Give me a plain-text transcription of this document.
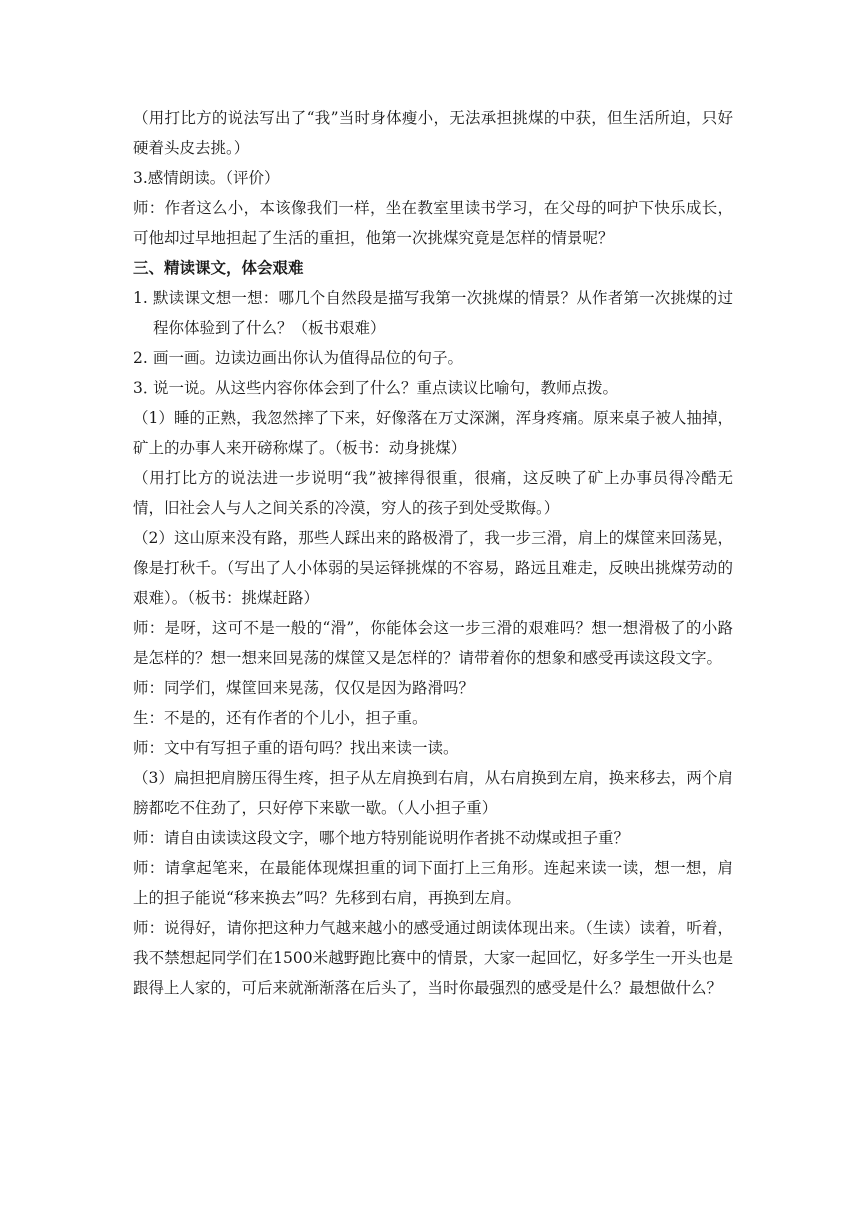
（用打比方的说法写出了“我”当时身体瘦小，无法承担挑煤的中获，但生活所迫，只好硬着头皮去挑。）

3.感情朗读。（评价）

师：作者这么小，本该像我们一样，坐在教室里读书学习，在父母的呵护下快乐成长，可他却过早地担起了生活的重担，他第一次挑煤究竟是怎样的情景呢？

三、精读课文，体会艰难

1. 默读课文想一想：哪几个自然段是描写我第一次挑煤的情景？从作者第一次挑煤的过程你体验到了什么？（板书艰难）
2. 画一画。边读边画出你认为值得品位的句子。
3．
说一说。从这些内容你体会到了什么？重点读议比喻句，教师点拨。

（1）睡的正熟，我忽然摔了下来，好像落在万丈深渊，浑身疼痛。原来桌子被人抽掉，矿上的办事人来开磅称煤了。（板书：动身挑煤）

（用打比方的说法进一步说明“我”被摔得很重，很痛，这反映了矿上办事员得冷酷无情，旧社会人与人之间关系的冷漠，穷人的孩子到处受欺侮。）

（2）这山原来没有路，那些人踩出来的路极滑了，我一步三滑，肩上的煤筐来回荡晃，像是打秋千。（写出了人小体弱的吴运铎挑煤的不容易，路远且难走，反映出挑煤劳动的艰难）。（板书：挑煤赶路）

师：是呀，这可不是一般的“滑”，你能体会这一步三滑的艰难吗？想一想滑极了的小路是怎样的？想一想来回晃荡的煤筐又是怎样的？请带着你的想象和感受再读这段文字。

师：同学们，煤筐回来晃荡，仅仅是因为路滑吗？

生：不是的，还有作者的个儿小，担子重。

师：文中有写担子重的语句吗？找出来读一读。

（3）扁担把肩膀压得生疼，担子从左肩换到右肩，从右肩换到左肩，换来移去，两个肩膀都吃不住劲了，只好停下来歇一歇。（人小担子重）

师：请自由读读这段文字，哪个地方特别能说明作者挑不动煤或担子重？

师：请拿起笔来，在最能体现煤担重的词下面打上三角形。连起来读一读，想一想，肩上的担子能说“移来换去”吗？先移到右肩，再换到左肩。

师：说得好，请你把这种力气越来越小的感受通过朗读体现出来。（生读）读着，听着，我不禁想起同学们在1500米越野跑比赛中的情景，大家一起回忆，好多学生一开头也是跟得上人家的，可后来就渐渐落在后头了，当时你最强烈的感受是什么？最想做什么？
